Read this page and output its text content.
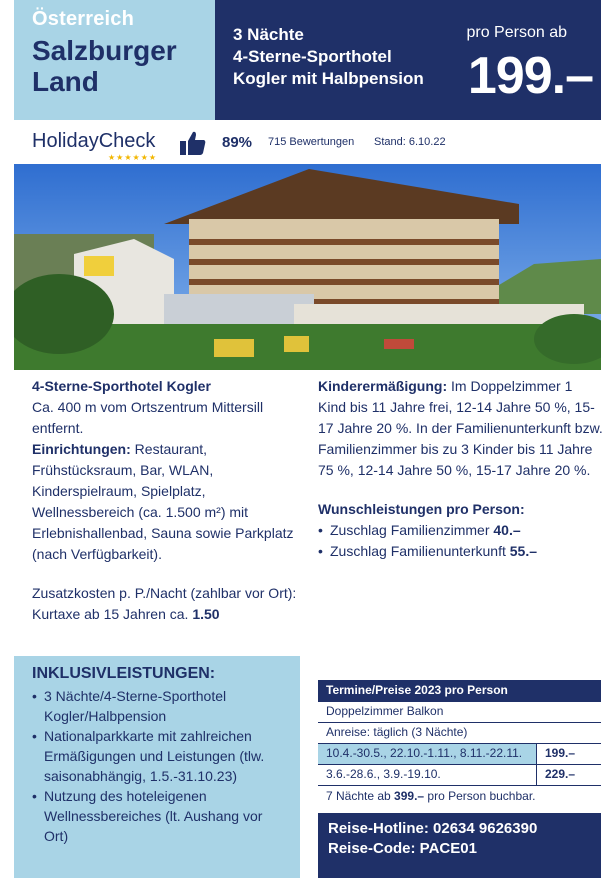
Österreich
Salzburger
Land
3 Nächte
4-Sterne-Sporthotel
Kogler mit Halbpension
pro Person ab
199.–
HolidayCheck
★★★★★★
89% 715 Bewertungen Stand: 6.10.22
4-Sterne-Sporthotel Kogler
Ca. 400 m vom Ortszentrum Mittersill entfernt.
Einrichtungen: Restaurant, Frühstücksraum, Bar, WLAN, Kinderspielraum, Spielplatz, Wellnessbereich (ca. 1.500 m²) mit Erlebnishallenbad, Sauna sowie Parkplatz (nach Verfügbarkeit).
Zusatzkosten p. P./Nacht (zahlbar vor Ort): Kurtaxe ab 15 Jahren ca. 1.50
Kinderermäßigung: Im Doppelzimmer 1 Kind bis 11 Jahre frei, 12-14 Jahre 50 %, 15-17 Jahre 20 %. In der Familienunterkunft bzw. Familienzimmer bis zu 3 Kinder bis 11 Jahre 75 %, 12-14 Jahre 50 %, 15-17 Jahre 20 %.
Wunschleistungen pro Person:
• Zuschlag Familienzimmer 40.–
• Zuschlag Familienunterkunft 55.–
INKLUSIVLEISTUNGEN:
• 3 Nächte/4-Sterne-Sporthotel Kogler/Halbpension
• Nationalparkkarte mit zahlreichen Ermäßigungen und Leistungen (tlw. saisonabhängig, 1.5.-31.10.23)
• Nutzung des hoteleigenen Wellnessbereiches (lt. Aushang vor Ort)
Termine/Preise 2023 pro Person
Doppelzimmer Balkon
Anreise: täglich (3 Nächte)
10.4.-30.5., 22.10.-1.11., 8.11.-22.11.	199.–
3.6.-28.6., 3.9.-19.10.	229.–
7 Nächte ab 399.– pro Person buchbar.
Reise-Hotline: 02634 9626390
Reise-Code: PACE01
